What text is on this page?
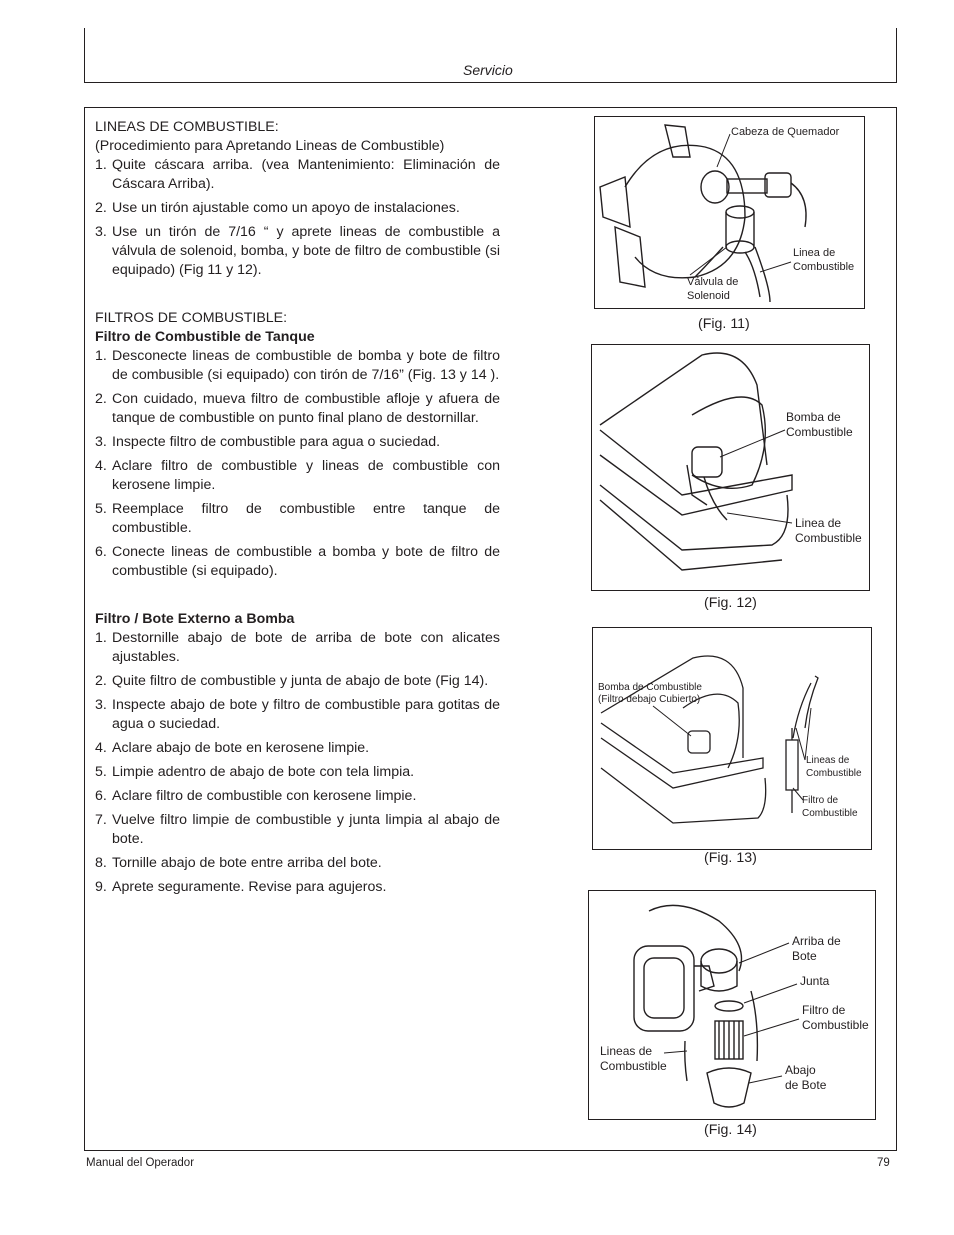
Servicio

LINEAS DE COMBUSTIBLE:

(Procedimiento para Apretando Lineas de Combustible)

1. Quite cáscara arriba. (vea Mantenimiento: Eliminación de Cáscara Arriba).
2. Use un tirón ajustable como un apoyo de instalaciones.
3. Use un tirón de 7/16 “ y aprete lineas de combustible a válvula de solenoid, bomba, y bote de filtro de combustible (si equipado) (Fig 11 y 12).

FILTROS DE COMBUSTIBLE:

Filtro de Combustible de Tanque

1. Desconecte lineas de combustible de bomba y bote de filtro de combusible (si equipado) con tirón de 7/16” (Fig. 13 y 14 ).
2. Con cuidado, mueva filtro de combustible afloje y afuera de tanque de combustible on punto final plano de destornillar.
3. Inspecte filtro de combustible para agua o suciedad.
4. Aclare filtro de combustible y lineas de combustible con kerosene limpie.
5. Reemplace filtro de combustible entre tanque de combustible.
6. Conecte lineas de combustible a bomba y bote de filtro de combustible (si equipado).

Filtro / Bote Externo a Bomba

1. Destornille abajo de bote de arriba de bote con alicates ajustables.
2. Quite filtro de combustible y junta de abajo de bote (Fig 14).
3. Inspecte abajo de bote y filtro de combustible para gotitas de agua o suciedad.
4. Aclare abajo de bote en kerosene limpie.
5. Limpie adentro de abajo de bote con tela limpia.
6. Aclare filtro de combustible con kerosene limpie.
7. Vuelve filtro limpie de combustible y junta limpia al abajo de bote.
8. Tornille abajo de bote entre arriba del bote.
9. Aprete seguramente. Revise para agujeros.
Cabeza de Quemador
Linea de
Combustible
Válvula de
Solenoid
(Fig. 11)
Bomba de
Combustible
Linea de
Combustible
(Fig. 12)
Bomba de Combustible
(Filtro debajo Cubierto)
Lineas de
Combustible
Filtro de
Combustible
(Fig. 13)
Arriba de
Bote
Junta
Filtro de
Combustible
Lineas de
Combustible	Abajo
de Bote
(Fig. 14)
Manual del Operador	79
